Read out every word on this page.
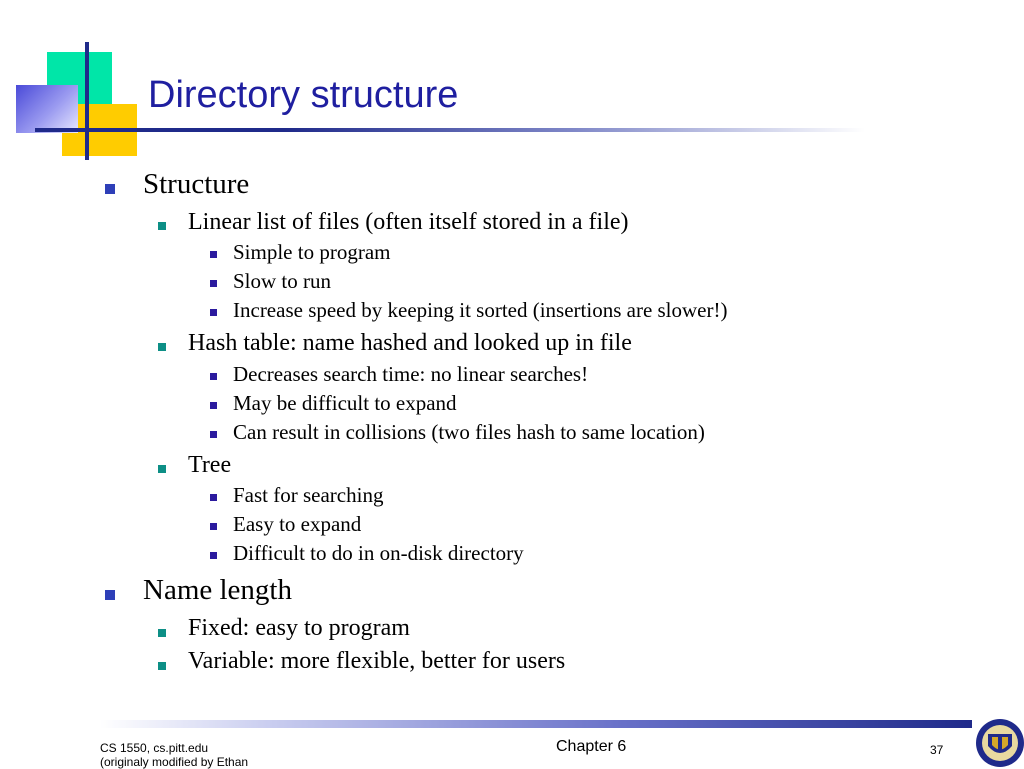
Directory structure
Structure
Linear list of files (often itself stored in a file)
Simple to program
Slow to run
Increase speed by keeping it sorted (insertions are slower!)
Hash table: name hashed and looked up in file
Decreases search time: no linear searches!
May be difficult to expand
Can result in collisions (two files hash to same location)
Tree
Fast for searching
Easy to expand
Difficult to do in on-disk directory
Name length
Fixed: easy to program
Variable: more flexible, better for users
CS 1550, cs.pitt.edu
(originaly modified by Ethan
Chapter 6	37
